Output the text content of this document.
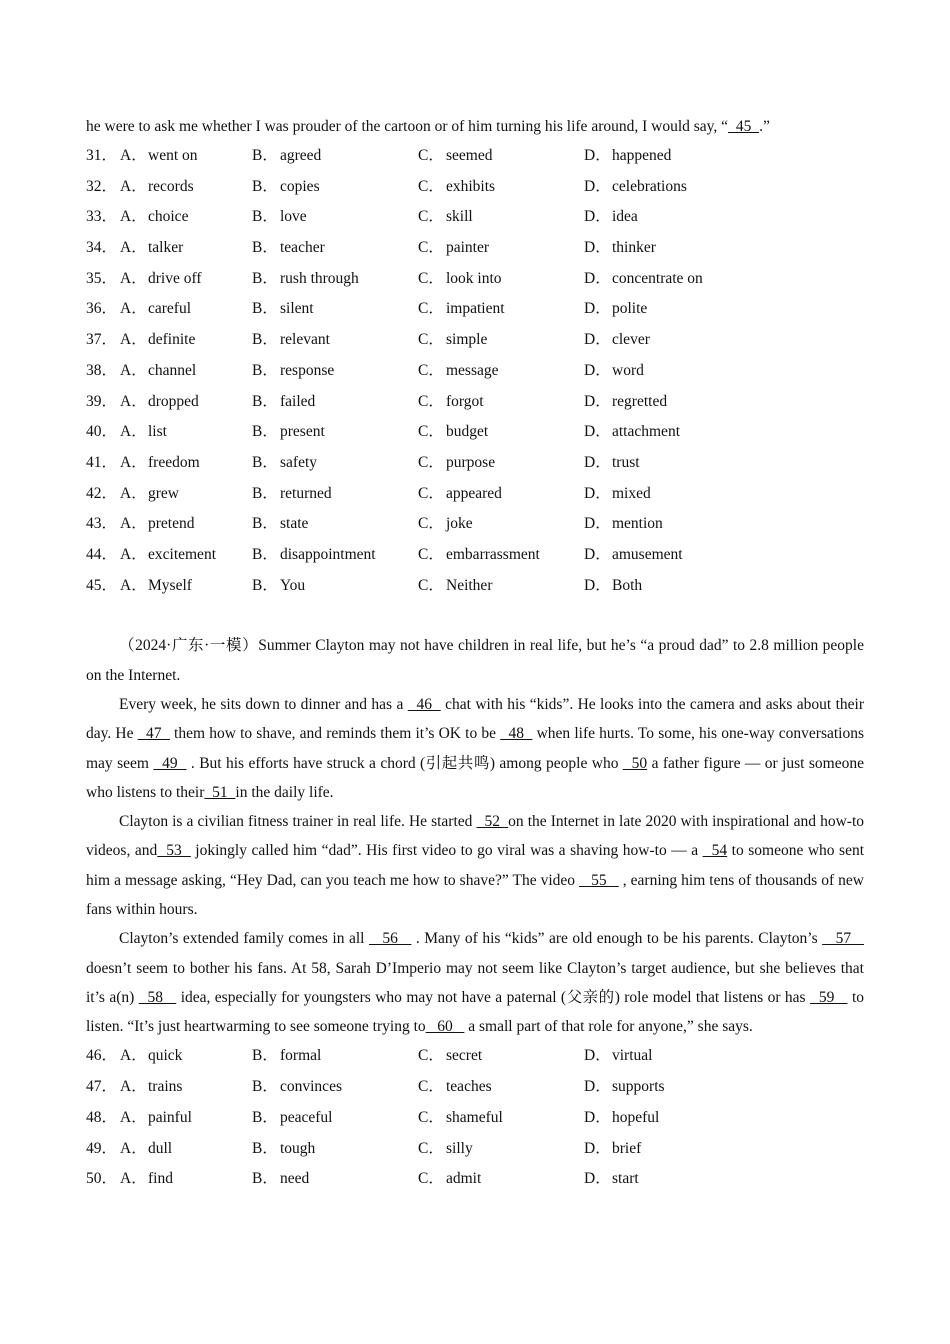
he were to ask me whether I was prouder of the cartoon or of him turning his life around, I would say, “  45  .”
31． A． went on	B． agreed	C． seemed	D． happened
32． A． records	B． copies	C． exhibits	D． celebrations
33． A． choice	B． love	C． skill	D． idea
34． A． talker	B． teacher	C． painter	D． thinker
35． A． drive off	B． rush through	C． look into	D． concentrate on
36． A． careful	B． silent	C． impatient	D． polite
37． A． definite	B． relevant	C． simple	D． clever
38． A． channel	B． response	C． message	D． word
39． A． dropped	B． failed	C． forgot	D． regretted
40． A． list	B． present	C． budget	D． attachment
41． A． freedom	B． safety	C． purpose	D． trust
42． A． grew	B． returned	C． appeared	D． mixed
43． A． pretend	B． state	C． joke	D． mention
44． A． excitement B． disappointment	C． embarrassment	D． amusement
45． A． Myself	B． You	C． Neither	D． Both

（2024·广东·一模）Summer Clayton may not have children in real life, but he’s “a proud dad” to 2.8 million people on the Internet.

Every week, he sits down to dinner and has a   46   chat with his “kids”. He looks into the camera and asks about their day. He   47   them how to shave, and reminds them it’s OK to be   48   when life hurts. To some, his one-way conversations may seem   49   . But his efforts have struck a chord (引起共鸣) among people who   50 a father figure — or just someone who listens to their  51  in the daily life.

Clayton is a civilian fitness trainer in real life. He started   52  on the Internet in late 2020 with inspirational and how-to videos, and  53   jokingly called him “dad”. His first video to go viral was a shaving how-to — a   54 to someone who sent him a message asking, “Hey Dad, can you teach me how to shave?” The video    55    , earning him tens of thousands of new fans within hours.

Clayton’s extended family comes in all    56    . Many of his “kids” are old enough to be his parents. Clayton’s    57    doesn’t seem to bother his fans. At 58, Sarah D’Imperio may not seem like Clayton’s target audience, but she believes that it’s a(n)   58    idea, especially for youngsters who may not have a paternal (父亲的) role model that listens or has   59    to listen. “It’s just heartwarming to see someone trying to   60    a small part of that role for anyone,” she says.

46． A． quick	B． formal	C． secret	D． virtual
47． A． trains	B． convinces	C． teaches	D． supports
48． A． painful	B． peaceful	C． shameful	D． hopeful
49． A． dull	B． tough	C． silly	D． brief
50． A． find	B． need	C． admit	D． start
